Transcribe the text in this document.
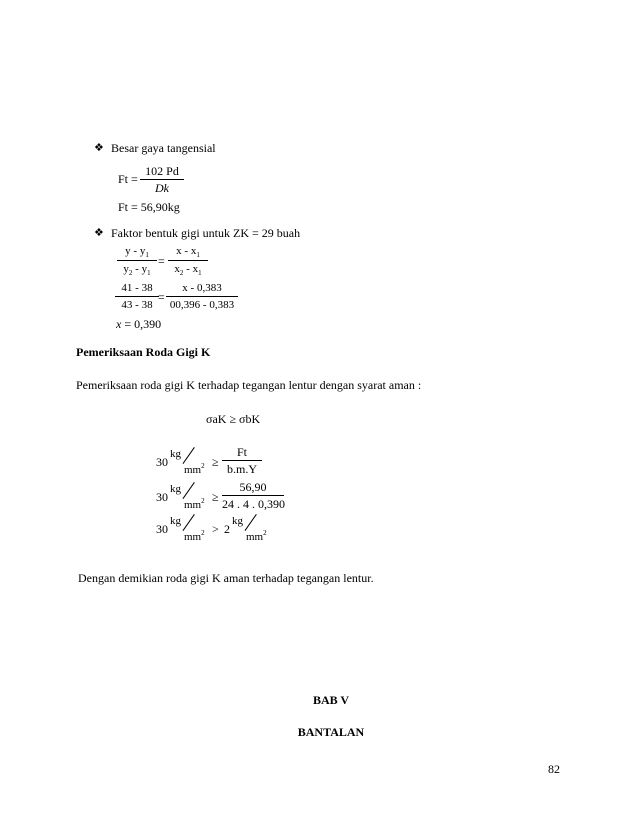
❖ Besar gaya tangensial
Ft =
102 Pd
Dk
Ft = 56,90kg
❖ Faktor bentuk gigi untuk ZK = 29 buah
y - $y_1$
$y_2 - y_1$
=
x - $x_1$
$x_2 - x_1$
41 - 38
43 - 38
=
x - 0,383
00,396 - 0,383
x = 0,390
Pemeriksaan Roda Gigi K
Pemeriksaan roda gigi K terhadap tegangan lentur dengan syarat aman :
σaK ≥ σbK
30
kg
$mm^2$ ≥
Ft
b.m.Y
30
kg
$mm^2$ ≥
56,90
24 . 4 . 0,390
30
kg
$mm^2 > 2$
kg
$mm^2$
Dengan demikian roda gigi K aman terhadap tegangan lentur.
BAB V
BANTALAN
82
